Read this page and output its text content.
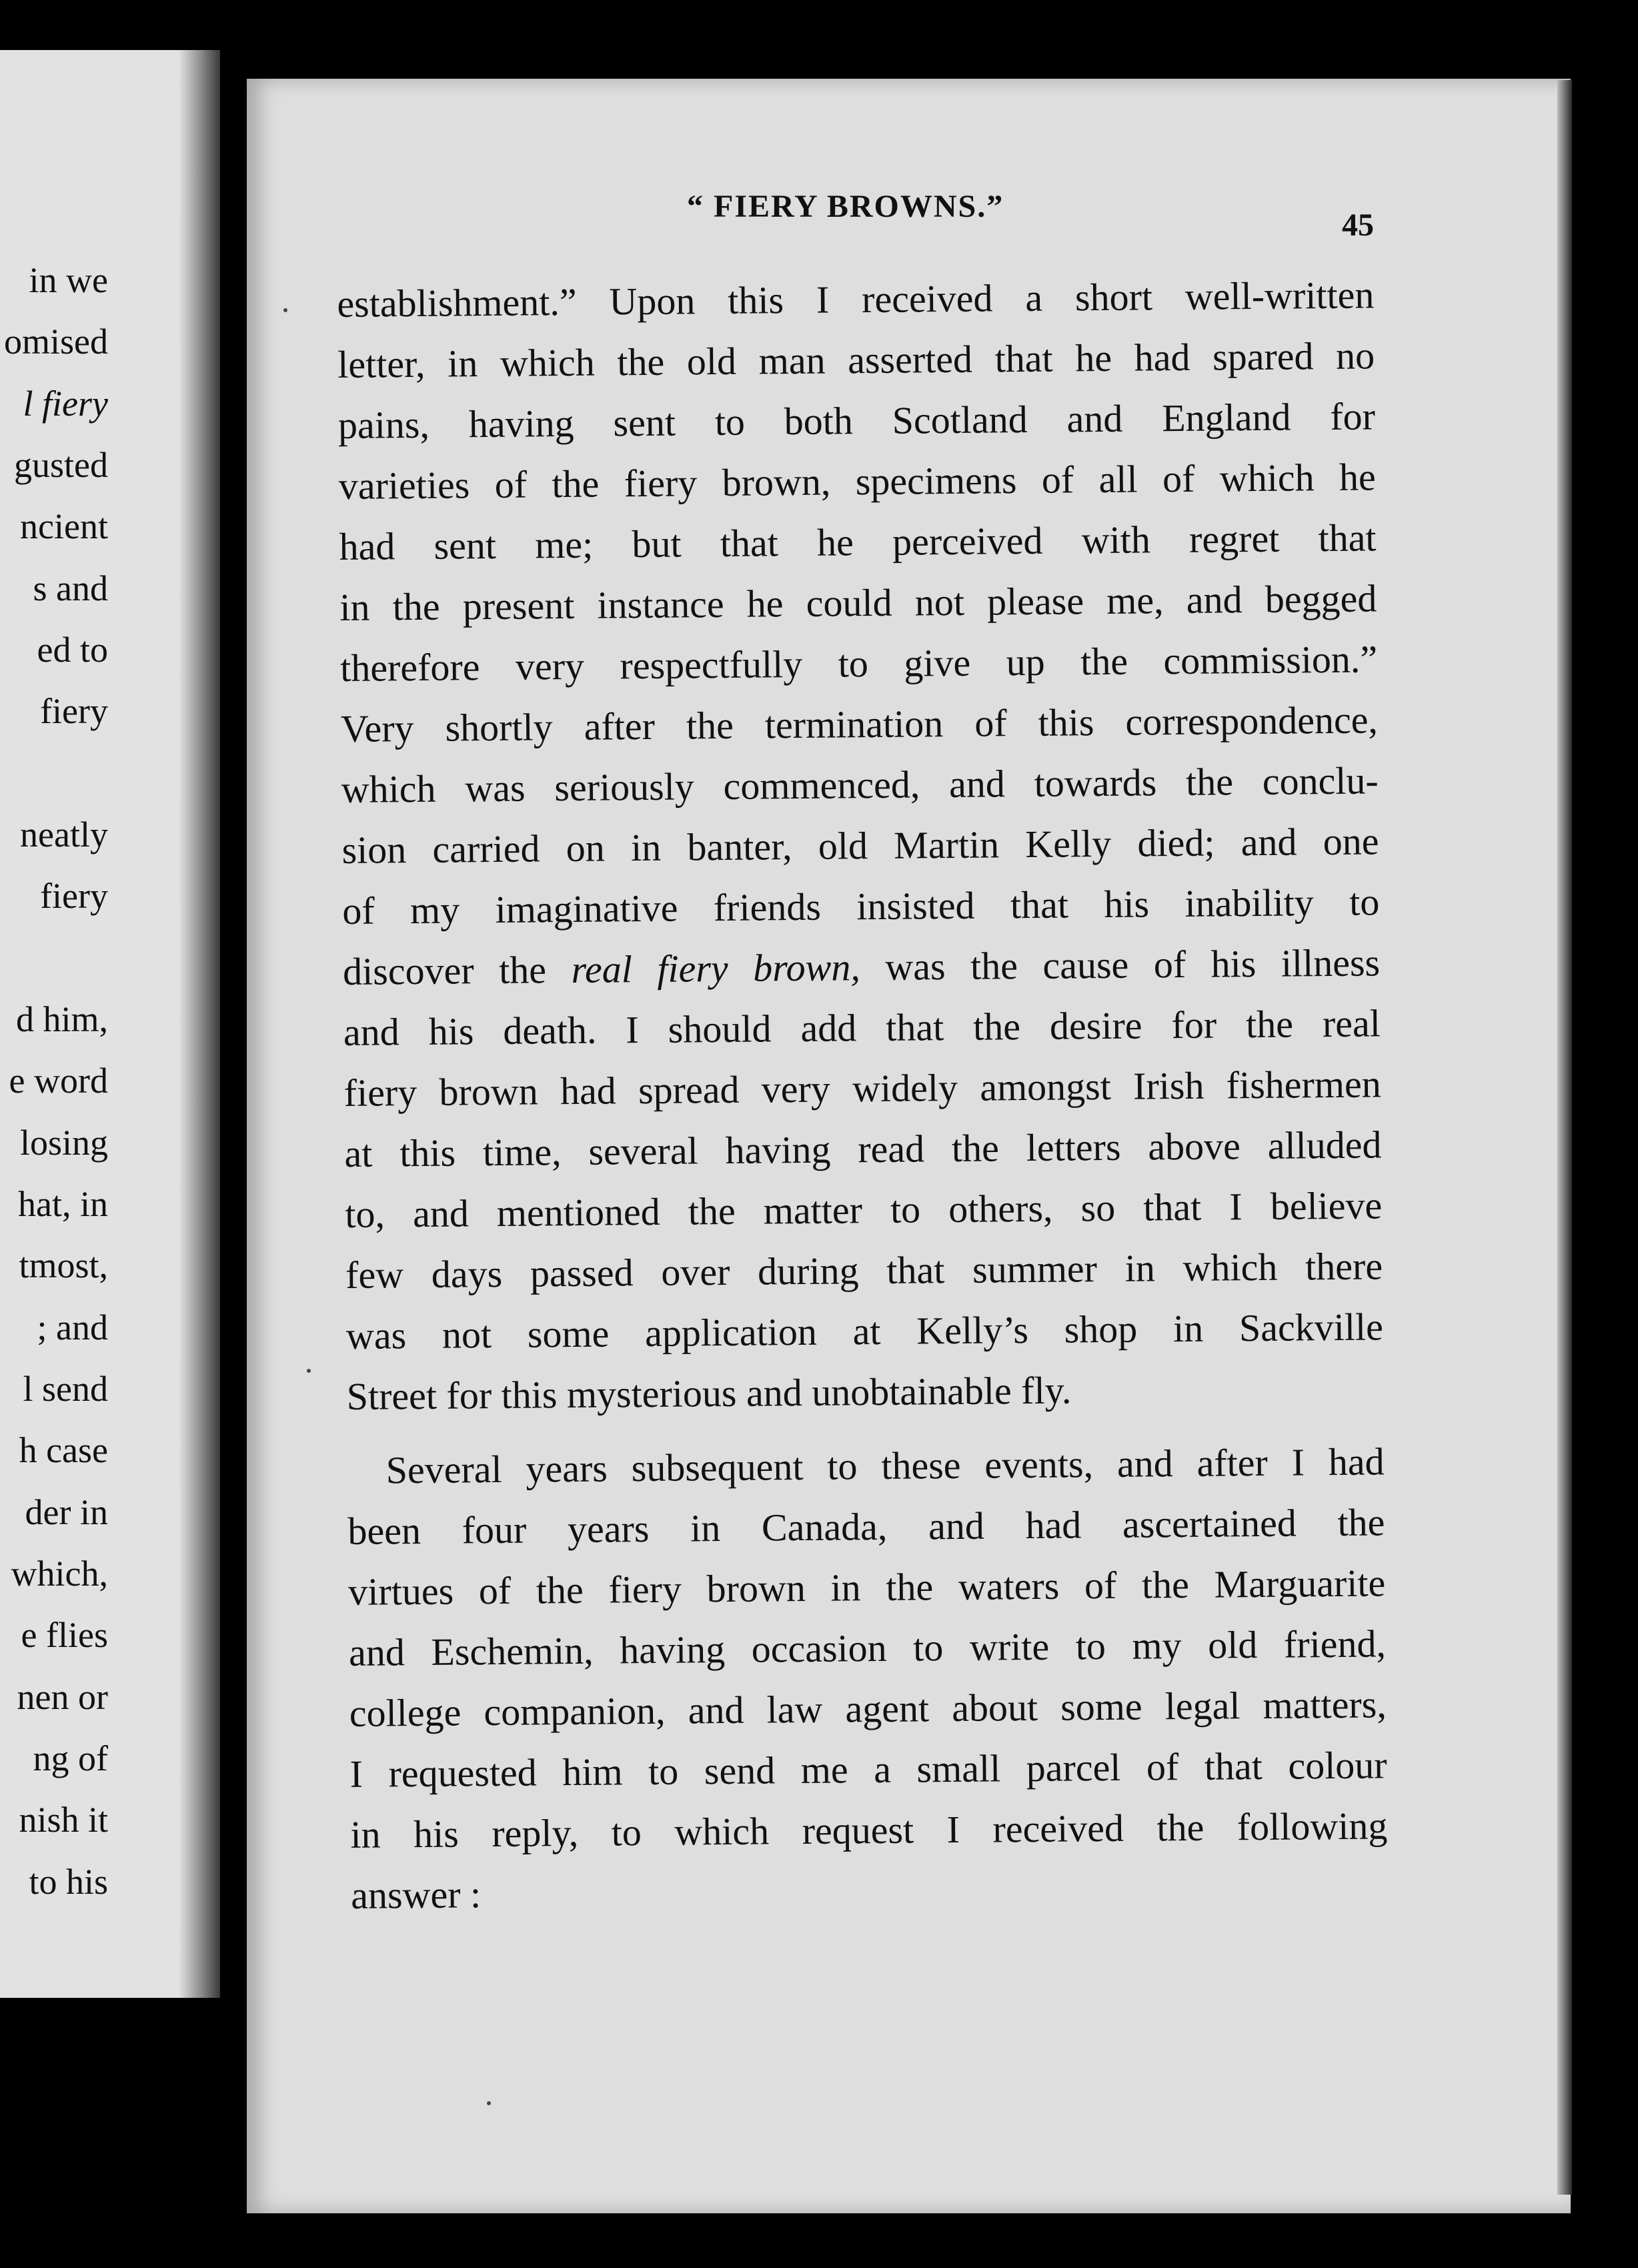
in we

omised

l fiery

gusted

ncient

s and

ed to

fiery

neatly

fiery

d him,

e word

losing

hat, in

tmost,

; and

l send

h case

der in

which,

e flies

nen or

ng of

nish it

to his

“ FIERY BROWNS.”

45

establishment.” Upon this I received a short well-written

letter, in which the old man asserted that he had spared no

pains, having sent to both Scotland and England for

varieties of the fiery brown, specimens of all of which he

had sent me; but that he perceived with regret that

in the present instance he could not please me, and begged

therefore very respectfully to give up the commission.”

Very shortly after the termination of this correspondence,

which was seriously commenced, and towards the conclu-

sion carried on in banter, old Martin Kelly died; and one

of my imaginative friends insisted that his inability to

discover the real fiery brown, was the cause of his illness

and his death. I should add that the desire for the real

fiery brown had spread very widely amongst Irish fishermen

at this time, several having read the letters above alluded

to, and mentioned the matter to others, so that I believe

few days passed over during that summer in which there

was not some application at Kelly’s shop in Sackville

Street for this mysterious and unobtainable fly.

Several years subsequent to these events, and after I had

been four years in Canada, and had ascertained the

virtues of the fiery brown in the waters of the Marguarite

and Eschemin, having occasion to write to my old friend,

college companion, and law agent about some legal matters,

I requested him to send me a small parcel of that colour

in his reply, to which request I received the following

answer :
